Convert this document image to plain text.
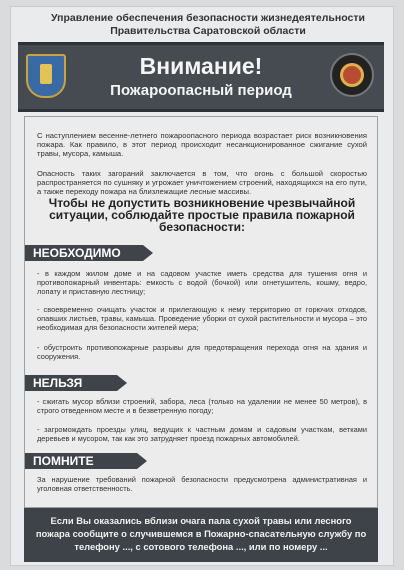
Управление обеспечения безопасности жизнедеятельности Правительства Саратовской области
Внимание!
Пожароопасный период
С наступлением весенне-летнего пожароопасного периода возрастает риск возникновения пожара. Как правило, в этот период происходит несанкционированное сжигание сухой травы, мусора, камыша.
Опасность таких загораний заключается в том, что огонь с большой скоростью распространяется по сушняку и угрожает уничтожением строений, находящихся на его пути, а также переходу пожара на близлежащие лесные массивы.
Чтобы не допустить возникновение чрезвычайной ситуации, соблюдайте простые правила пожарной безопасности:
НЕОБХОДИМО
- в каждом жилом доме и на садовом участке иметь средства для тушения огня и противопожарный инвентарь: емкость с водой (бочкой) или огнетушитель, кошму, ведро, лопату и приставную лестницу;
- своевременно очищать участок и прилегающую к нему территорию от горючих отходов, опавших листьев, травы, камыша. Проведение уборки от сухой растительности и мусора – это необходимая для безопасности жителей мера;
- обустроить противопожарные разрывы для предотвращения перехода огня на здания и сооружения.
НЕЛЬЗЯ
- сжигать мусор вблизи строений, забора, леса (только на удалении не менее 50 метров), в строго отведенном месте и в безветренную погоду;
- загромождать проезды улиц, ведущих к частным домам и садовым участкам, ветками деревьев и мусором, так как это затрудняет проезд пожарных автомобилей.
ПОМНИТЕ
За нарушение требований пожарной безопасности предусмотрена административная и уголовная ответственность.
Если Вы оказались вблизи очага пала сухой травы или лесного
пожара сообщите о случившемся в Пожарно-спасательную службу по
телефону ..., с сотового телефона ..., или по номеру ...
